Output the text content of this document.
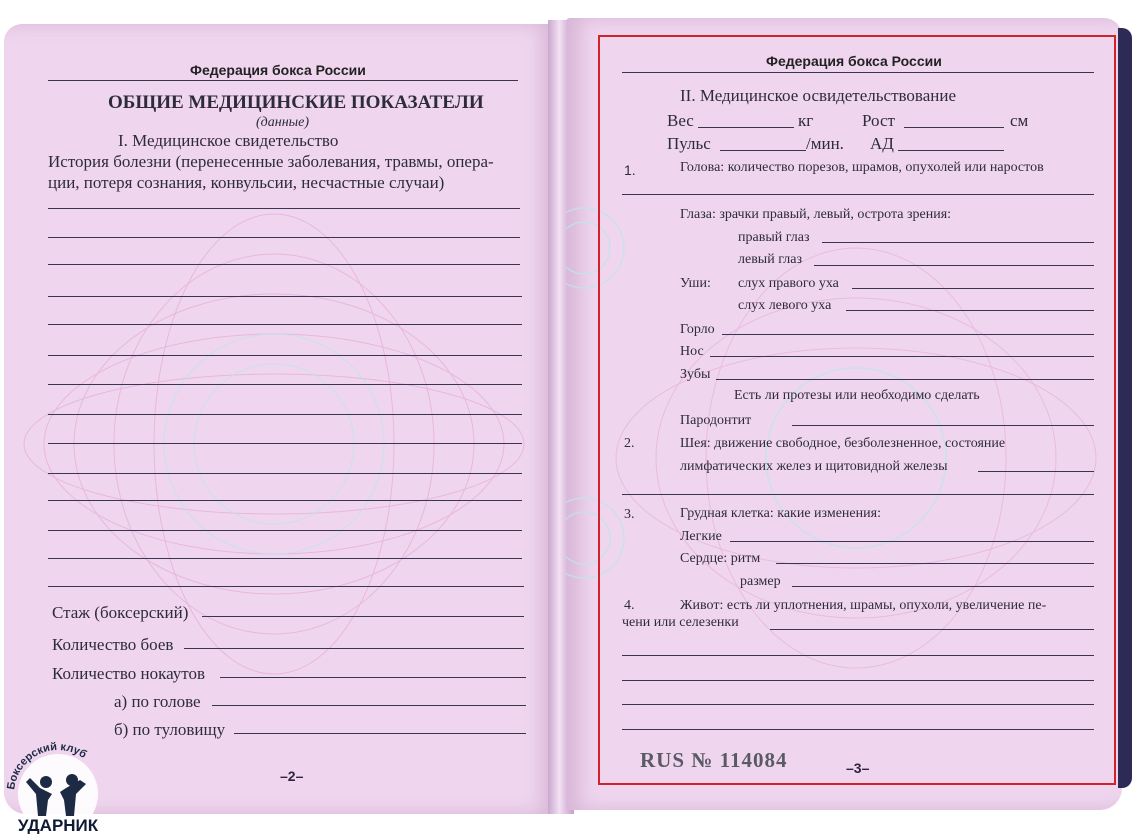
Федерация бокса России
ОБЩИЕ МЕДИЦИНСКИЕ ПОКАЗАТЕЛИ
(данные)
I. Медицинское свидетельство
История болезни (перенесенные заболевания, травмы, опера-
ции, потеря сознания, конвульсии, несчастные случаи)
Стаж (боксерский)
Количество боев
Количество нокаутов
а) по голове
б) по туловищу
–2–
Боксерский клуб
УДАРНИК
Федерация бокса России
II. Медицинское освидетельствование
Вес	кг	Рост	см
Пульс	/мин. АД
1.	Голова: количество порезов, шрамов, опухолей или наростов
Глаза: зрачки правый, левый, острота зрения:
правый глаз
левый глаз
Уши: слух правого уха
слух левого уха
Горло
Нос
Зубы
Есть ли протезы или необходимо сделать
Пародонтит
2.	Шея: движение свободное, безболезненное, состояние
лимфатических желез и щитовидной железы
3.	Грудная клетка: какие изменения:
Легкие
Сердце: ритм
размер
4.	Живот: есть ли уплотнения, шрамы, опухоли, увеличение пе-
чени или селезенки
RUS № 114084	–3–
